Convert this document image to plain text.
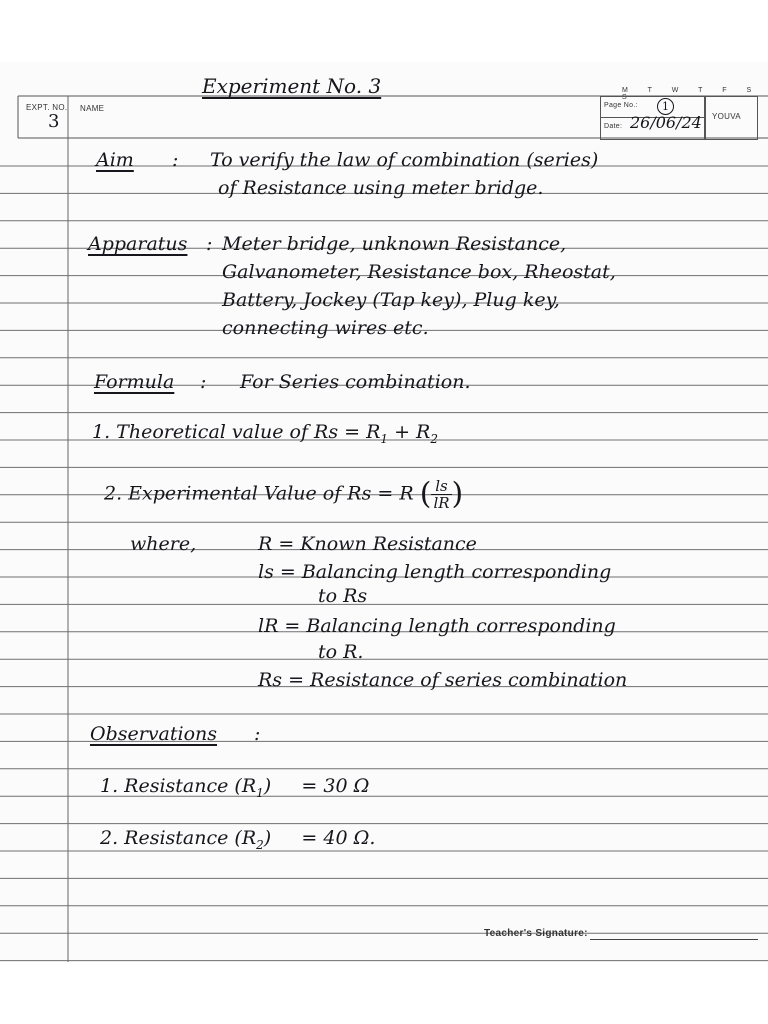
EXPT. NO.
3
NAME
M T W T F S S
Page No.:	1
Date: 26/06/24 YOUVA
Experiment No. 3
Aim : To verify the law of combination (series)
of Resistance using meter bridge.
Apparatus : Meter bridge, unknown Resistance,
Galvanometer, Resistance box, Rheostat,
Battery, Jockey (Tap key), Plug key,
connecting wires etc.
Formula : For Series combination.
1. Theoretical value of $Rs = R_1 + R_2$
2. Experimental Value of Rs = R ( $\frac{ls}{lR}$ )
where,	R = Known Resistance
ls = Balancing length corresponding
to Rs
lR = Balancing length corresponding
to R.
Rs = Resistance of series combination
Observations :
1. Resistance $(R_1)$     = 30 Ω
2. Resistance $(R_2)$     = 40 Ω.
Teacher's Signature:
